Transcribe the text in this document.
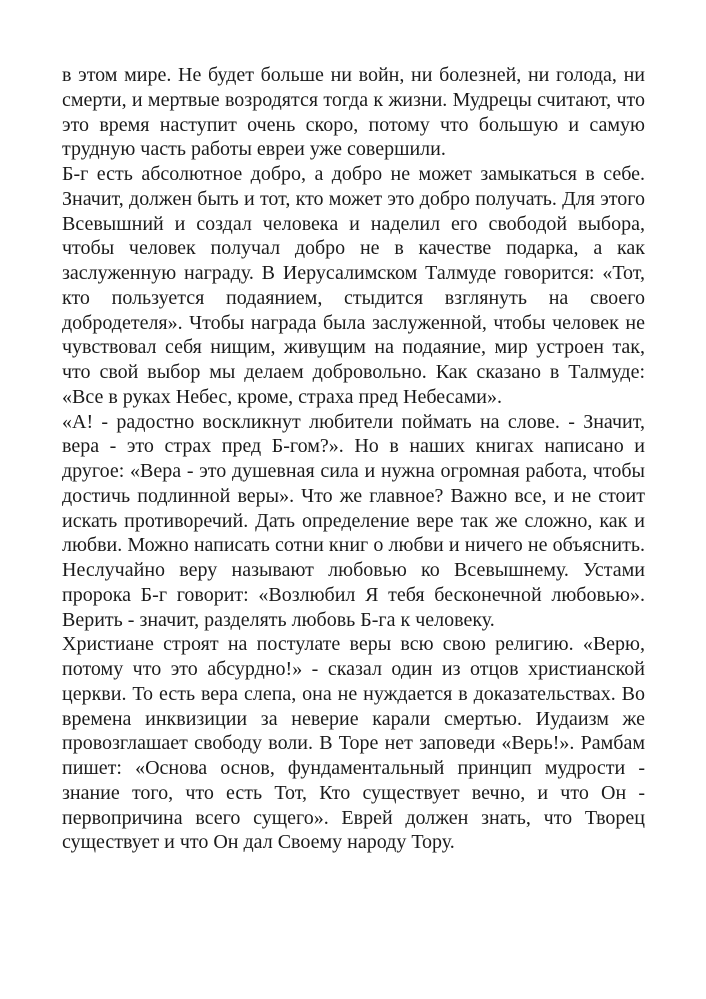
в этом мире. Не будет больше ни войн, ни болезней, ни голода, ни смерти, и мертвые возродятся тогда к жизни. Мудрецы считают, что это время наступит очень скоро, потому что большую и самую трудную часть работы евреи уже совершили.

Б-г есть абсолютное добро, а добро не может замыкаться в себе. Значит, должен быть и тот, кто может это добро получать. Для этого Всевышний и создал человека и наделил его свободой выбора, чтобы человек получал добро не в качестве подарка, а как заслуженную награду. В Иерусалимском Талмуде говорится: «Тот, кто пользуется подаянием, стыдится взглянуть на своего добродетеля». Чтобы награда была заслуженной, чтобы человек не чувствовал себя нищим, живущим на подаяние, мир устроен так, что свой выбор мы делаем добровольно. Как сказано в Талмуде: «Все в руках Небес, кроме, страха пред Небесами».

«А! - радостно воскликнут любители поймать на слове. - Значит, вера - это страх пред Б-гом?». Но в наших книгах написано и другое: «Вера - это душевная сила и нужна огромная работа, чтобы достичь подлинной веры». Что же главное? Важно все, и не стоит искать противоречий. Дать определение вере так же сложно, как и любви. Можно написать сотни книг о любви и ничего не объяснить. Неслучайно веру называют любовью ко Всевышнему. Устами пророка Б-г говорит: «Возлюбил Я тебя бесконечной любовью». Верить - значит, разделять любовь Б-га к человеку.

Христиане строят на постулате веры всю свою религию. «Верю, потому что это абсурдно!» - сказал один из отцов христианской церкви. То есть вера слепа, она не нуждается в доказательствах. Во времена инквизиции за неверие карали смертью. Иудаизм же провозглашает свободу воли. В Торе нет заповеди «Верь!». Рамбам пишет: «Основа основ, фундаментальный принцип мудрости - знание того, что есть Тот, Кто существует вечно, и что Он - первопричина всего сущего». Еврей должен знать, что Творец существует и что Он дал Своему народу Тору.
